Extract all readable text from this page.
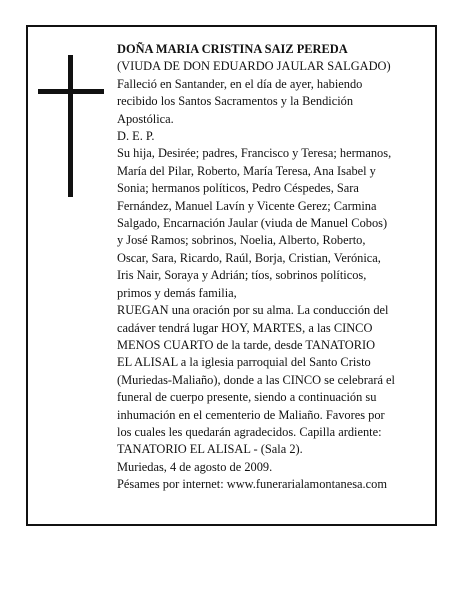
DOÑA MARIA CRISTINA SAIZ PEREDA
(VIUDA DE DON EDUARDO JAULAR SALGADO)
Falleció en Santander, en el día de ayer, habiendo
recibido los Santos Sacramentos y la Bendición
Apostólica.
D. E. P.
Su hija, Desirée; padres, Francisco y Teresa; hermanos,
María del Pilar, Roberto, María Teresa, Ana Isabel y
Sonia; hermanos políticos, Pedro Céspedes, Sara
Fernández, Manuel Lavín y Vicente Gerez; Carmina
Salgado, Encarnación Jaular (viuda de Manuel Cobos)
y José Ramos; sobrinos, Noelia, Alberto, Roberto,
Oscar, Sara, Ricardo, Raúl, Borja, Cristian, Verónica,
Iris Nair, Soraya y Adrián; tíos, sobrinos políticos,
primos y demás familia,
RUEGAN una oración por su alma. La conducción del
cadáver tendrá lugar HOY, MARTES, a las CINCO
MENOS CUARTO de la tarde, desde TANATORIO
EL ALISAL a la iglesia parroquial del Santo Cristo
(Muriedas-Maliaño), donde a las CINCO se celebrará el
funeral de cuerpo presente, siendo a continuación su
inhumación en el cementerio de Maliaño. Favores por
los cuales les quedarán agradecidos. Capilla ardiente:
TANATORIO EL ALISAL - (Sala 2).
Muriedas, 4 de agosto de 2009.
Pésames por internet: www.funerarialamontanesa.com
